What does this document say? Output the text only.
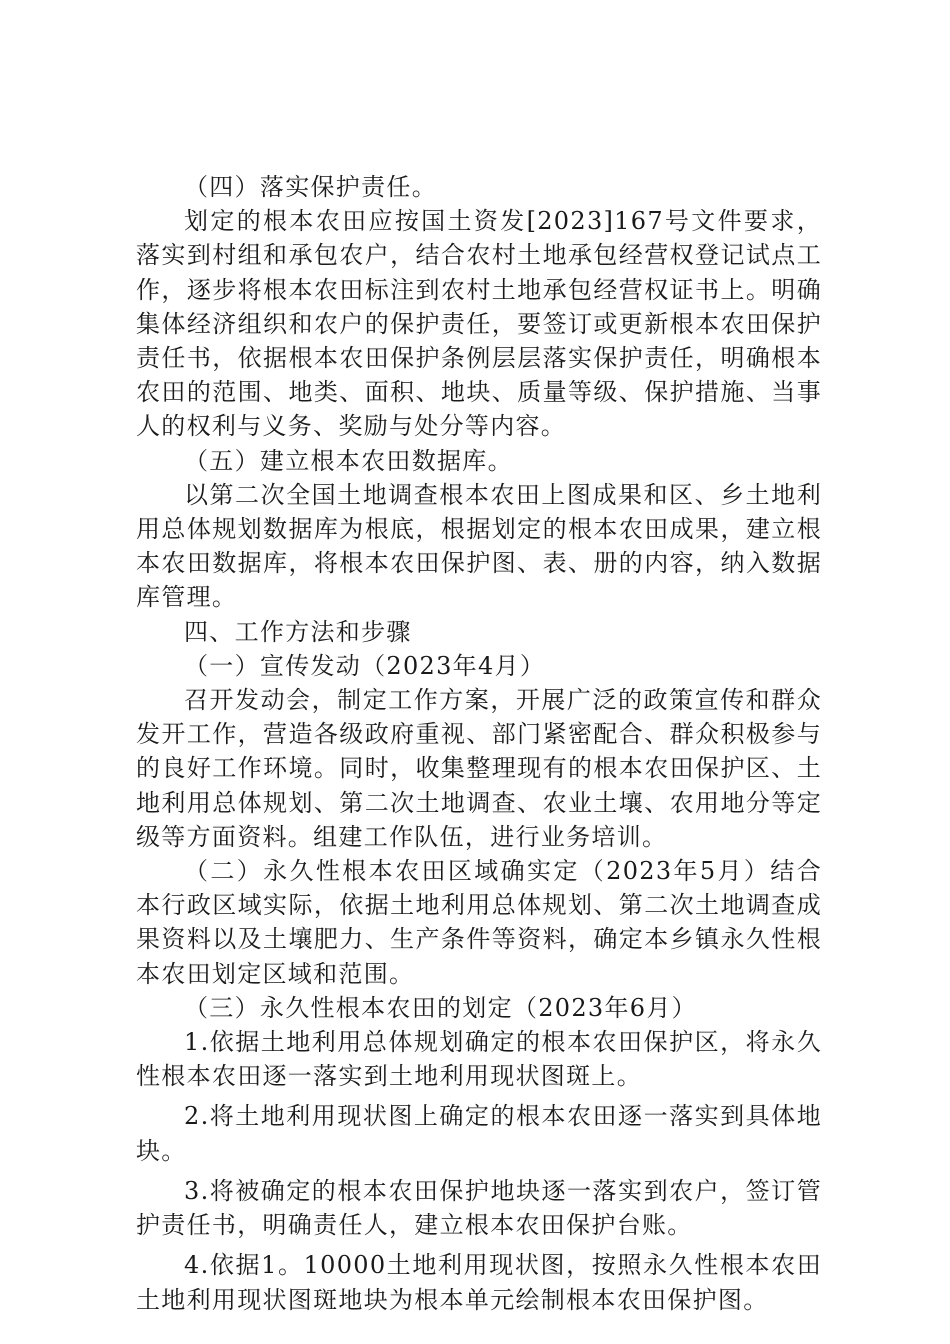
（四）落实保护责任。

划定的根本农田应按国土资发[2023]167号文件要求，落实到村组和承包农户，结合农村土地承包经营权登记试点工作，逐步将根本农田标注到农村土地承包经营权证书上。明确集体经济组织和农户的保护责任，要签订或更新根本农田保护责任书，依据根本农田保护条例层层落实保护责任，明确根本农田的范围、地类、面积、地块、质量等级、保护措施、当事人的权利与义务、奖励与处分等内容。

（五）建立根本农田数据库。

以第二次全国土地调查根本农田上图成果和区、乡土地利用总体规划数据库为根底，根据划定的根本农田成果，建立根本农田数据库，将根本农田保护图、表、册的内容，纳入数据库管理。

四、工作方法和步骤

（一）宣传发动（2023年4月）

召开发动会，制定工作方案，开展广泛的政策宣传和群众发开工作，营造各级政府重视、部门紧密配合、群众积极参与的良好工作环境。同时，收集整理现有的根本农田保护区、土地利用总体规划、第二次土地调查、农业土壤、农用地分等定级等方面资料。组建工作队伍，进行业务培训。

（二）永久性根本农田区域确实定（2023年5月）结合本行政区域实际，依据土地利用总体规划、第二次土地调查成果资料以及土壤肥力、生产条件等资料，确定本乡镇永久性根本农田划定区域和范围。

（三）永久性根本农田的划定（2023年6月）

1.依据土地利用总体规划确定的根本农田保护区，将永久性根本农田逐一落实到土地利用现状图斑上。

2.将土地利用现状图上确定的根本农田逐一落实到具体地块。

3.将被确定的根本农田保护地块逐一落实到农户，签订管护责任书，明确责任人，建立根本农田保护台账。

4.依据1。10000土地利用现状图，按照永久性根本农田土地利用现状图斑地块为根本单元绘制根本农田保护图。
